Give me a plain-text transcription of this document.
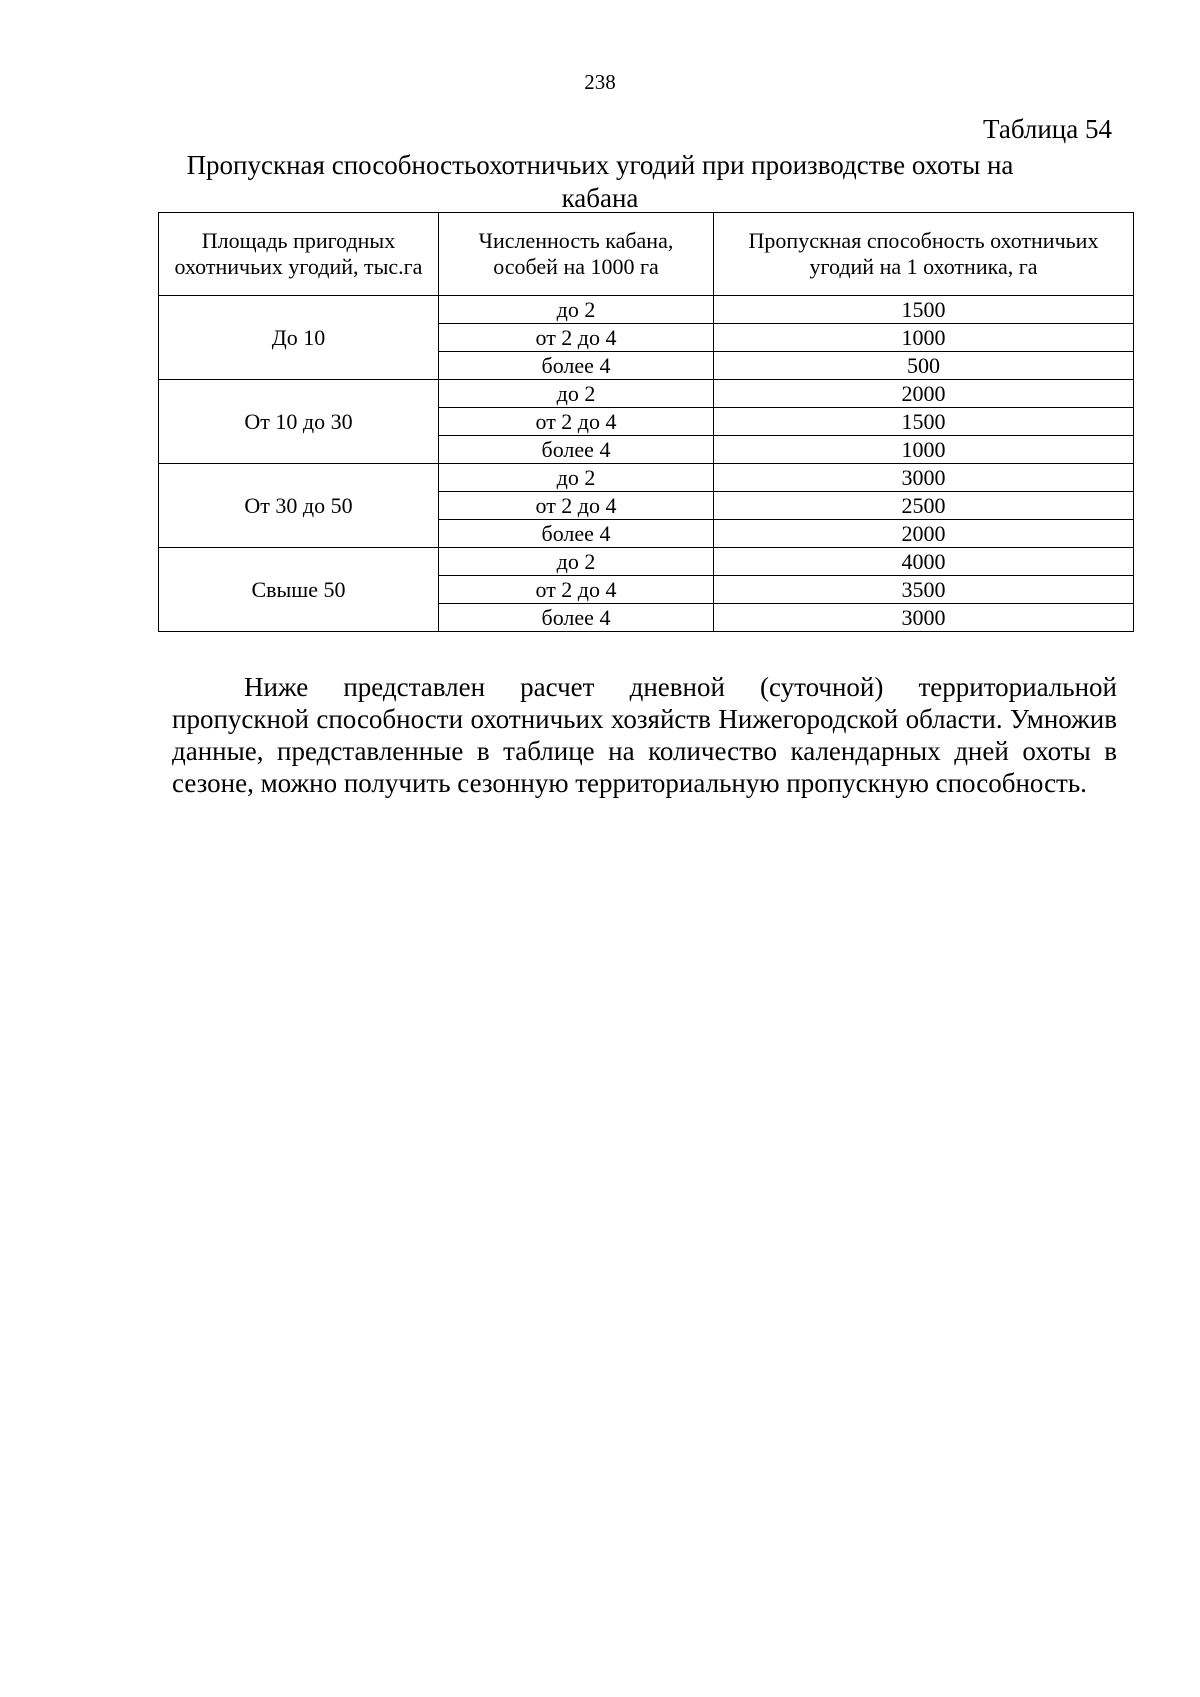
238
Таблица 54
Пропускная способностьохотничьих угодий при производстве охоты на кабана
Площадь пригодных охотничьих угодий, тыс.га	Численность кабана, особей на 1000 га	Пропускная способность охотничьих угодий на 1 охотника, га
До 10	до 2	1500
	от 2 до 4	1000
	более 4	500
От 10 до 30	до 2	2000
	от 2 до 4	1500
	более 4	1000
От 30 до 50	до 2	3000
	от 2 до 4	2500
	более 4	2000
Свыше 50	до 2	4000
	от 2 до 4	3500
	более 4	3000

Ниже представлен расчет дневной (суточной) территориальной пропускной способности охотничьих хозяйств Нижегородской области. Умножив данные, представленные в таблице на количество календарных дней охоты в сезоне, можно получить сезонную территориальную пропускную способность.
